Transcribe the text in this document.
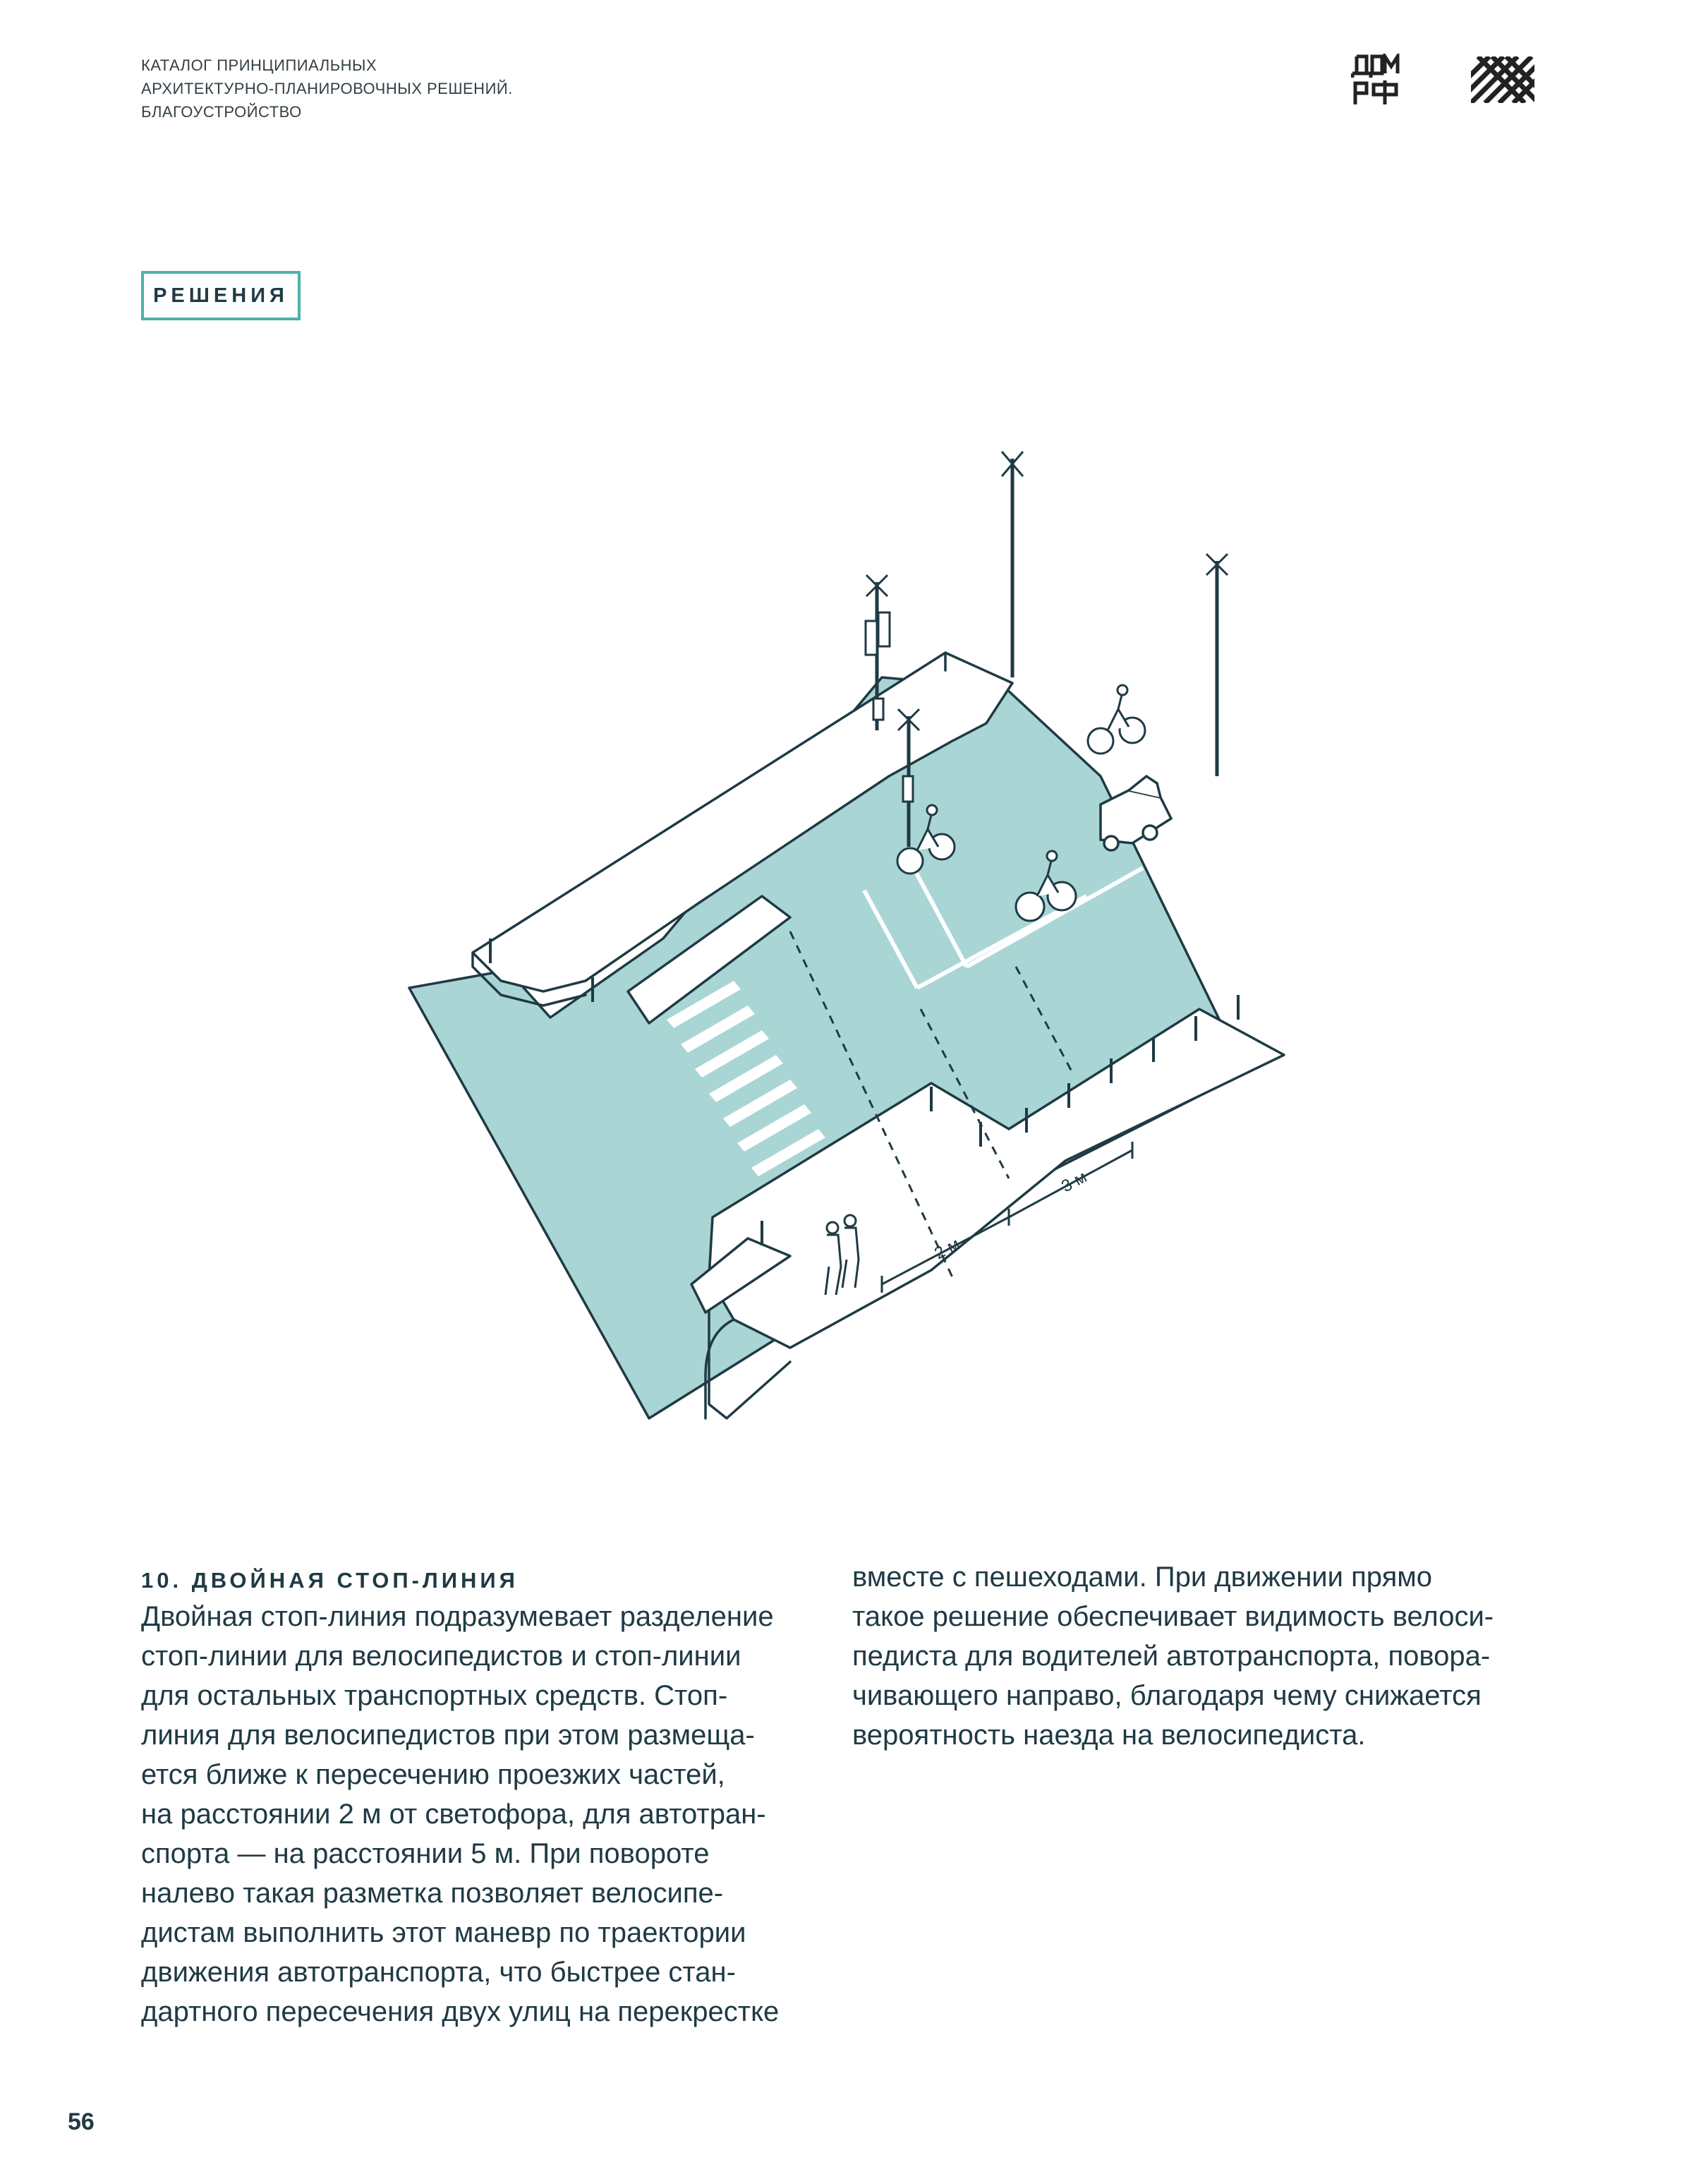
КАТАЛОГ ПРИНЦИПИАЛЬНЫХ
АРХИТЕКТУРНО-ПЛАНИРОВОЧНЫХ РЕШЕНИЙ.
БЛАГОУСТРОЙСТВО
РЕШЕНИЯ
2 м
3 м
10. ДВОЙНАЯ СТОП-ЛИНИЯ
Двойная стоп-линия подразумевает разделение
стоп-линии для велосипедистов и стоп-линии
для остальных транспортных средств. Стоп-
линия для велосипедистов при этом размеща-
ется ближе к пересечению проезжих частей,
на расстоянии 2 м от светофора, для автотран-
спорта — на расстоянии 5 м. При повороте
налево такая разметка позволяет велосипе-
дистам выполнить этот маневр по траектории
движения автотранспорта, что быстрее стан-
дартного пересечения двух улиц на перекрестке
вместе с пешеходами. При движении прямо
такое решение обеспечивает видимость велоси-
педиста для водителей автотранспорта, повора-
чивающего направо, благодаря чему снижается
вероятность наезда на велосипедиста.
56
